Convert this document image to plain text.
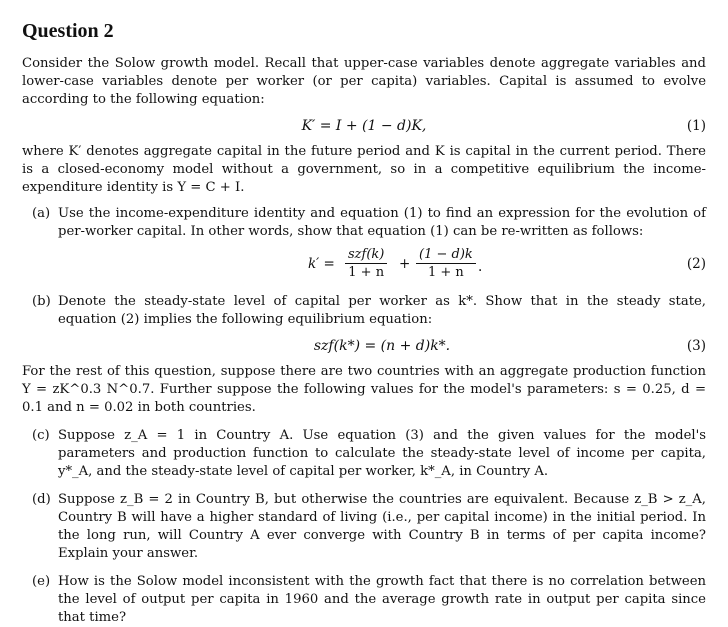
Question 2

Consider the Solow growth model. Recall that upper-case variables denote aggregate variables and lower-case variables denote per worker (or per capita) variables. Capital is assumed to evolve according to the following equation:

K′ = I + (1 − d)K,	(1)

where K′ denotes aggregate capital in the future period and K is capital in the current period. There is a closed-economy model without a government, so in a competitive equilibrium the income-expenditure identity is Y = C + I.

(a) Use the income-expenditure identity and equation (1) to find an expression for the evolution of per-worker capital. In other words, show that equation (1) can be re-written as follows:

k′ =
szf(k)
1 + n
+ $\frac{(1 - d)k}{1 + n}$ .	(2)
(b) Denote the steady-state level of capital per worker as k*. Show that in the steady state, equation (2) implies the following equilibrium equation:

szf(k*) = (n + d)k*.	(3)

For the rest of this question, suppose there are two countries with an aggregate production function Y = zK^0.3 N^0.7. Further suppose the following values for the model's parameters: s = 0.25, d = 0.1 and n = 0.02 in both countries.

(c) Suppose z_A = 1 in Country A. Use equation (3) and the given values for the model's parameters and production function to calculate the steady-state level of income per capita, y*_A, and the steady-state level of capital per worker, k*_A, in Country A.

(d) Suppose z_B = 2 in Country B, but otherwise the countries are equivalent. Because z_B > z_A, Country B will have a higher standard of living (i.e., per capital income) in the initial period. In the long run, will Country A ever converge with Country B in terms of per capita income? Explain your answer.

(e) How is the Solow model inconsistent with the growth fact that there is no correlation between the level of output per capita in 1960 and the average growth rate in output per capita since that time?
